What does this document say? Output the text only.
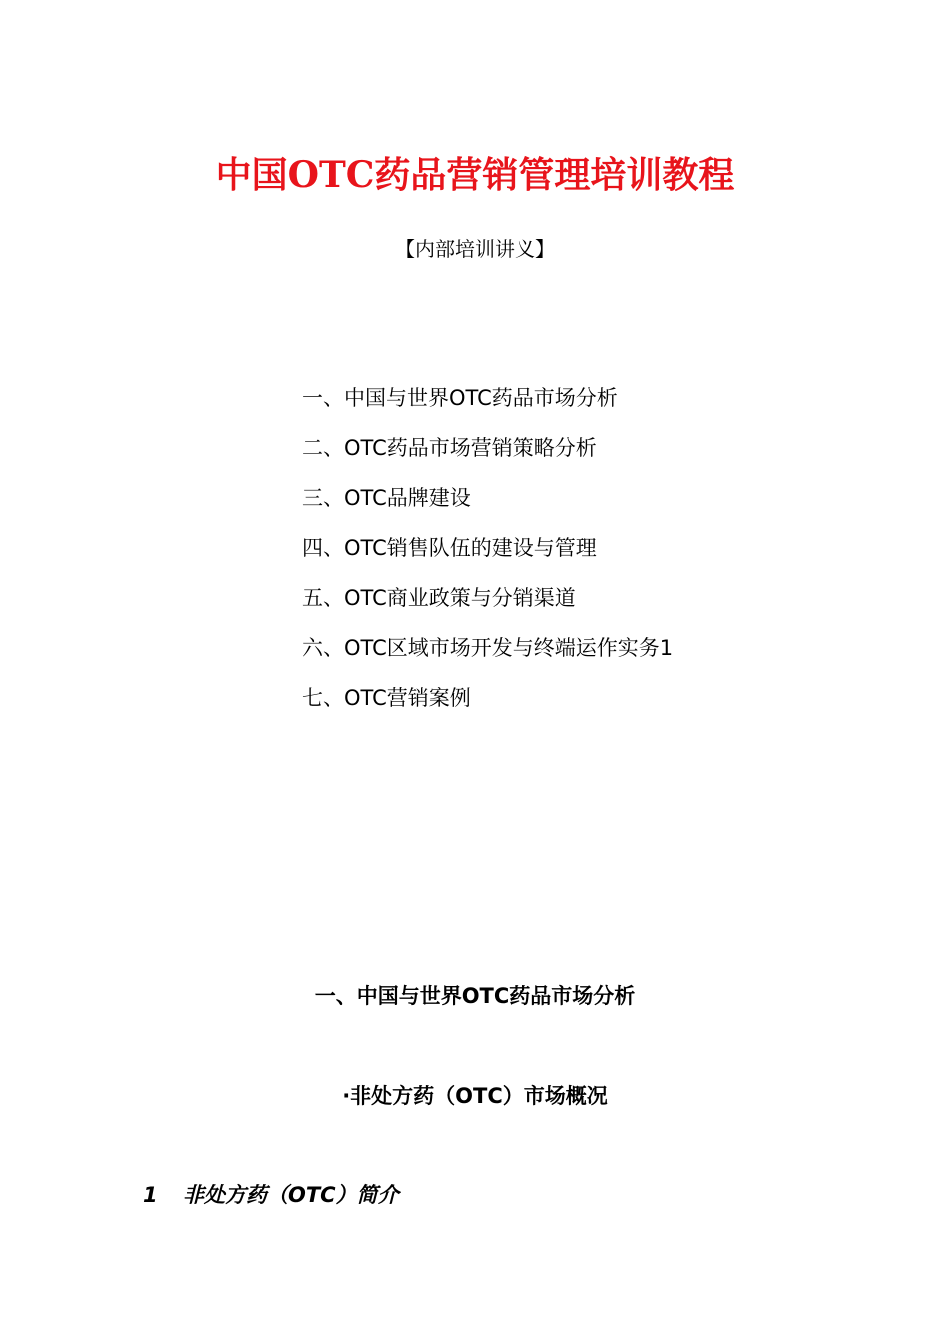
中国OTC药品营销管理培训教程
【内部培训讲义】
一、中国与世界OTC药品市场分析
二、OTC药品市场营销策略分析
三、OTC品牌建设
四、OTC销售队伍的建设与管理
五、OTC商业政策与分销渠道
六、OTC区域市场开发与终端运作实务1
七、OTC营销案例
一、中国与世界OTC药品市场分析
·非处方药（OTC）市场概况
1 非处方药（OTC）简介
